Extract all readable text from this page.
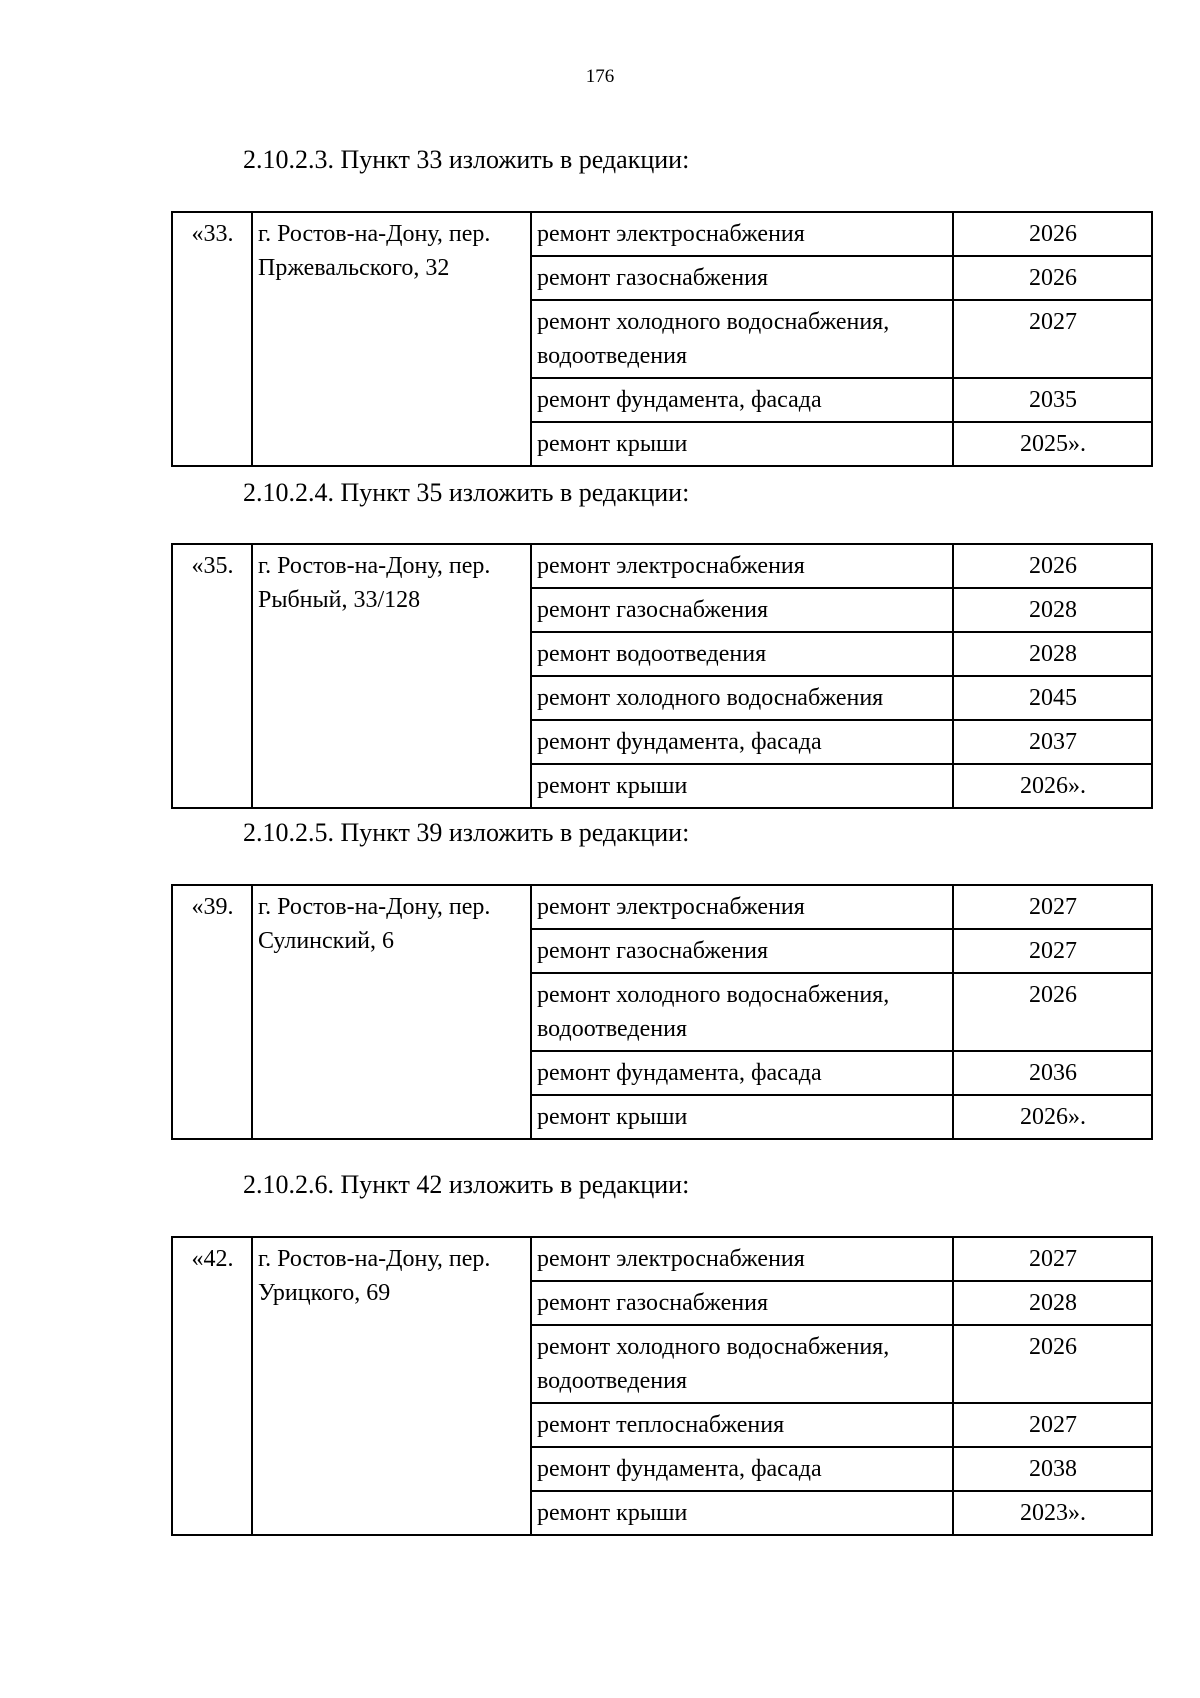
176
2.10.2.3. Пункт 33 изложить в редакции:
«33.	г. Ростов-на-Дону, пер. Пржевальского, 32	ремонт электроснабжения	2026
		ремонт газоснабжения	2026
		ремонт холодного водоснабжения, водоотведения	2027
		ремонт фундамента, фасада	2035
		ремонт крыши	2025».
2.10.2.4. Пункт 35 изложить в редакции:
«35.	г. Ростов-на-Дону, пер. Рыбный, 33/128	ремонт электроснабжения	2026
		ремонт газоснабжения	2028
		ремонт водоотведения	2028
		ремонт холодного водоснабжения	2045
		ремонт фундамента, фасада	2037
		ремонт крыши	2026».
2.10.2.5. Пункт 39 изложить в редакции:
«39.	г. Ростов-на-Дону, пер. Сулинский, 6	ремонт электроснабжения	2027
		ремонт газоснабжения	2027
		ремонт холодного водоснабжения, водоотведения	2026
		ремонт фундамента, фасада	2036
		ремонт крыши	2026».
2.10.2.6. Пункт 42 изложить в редакции:
«42.	г. Ростов-на-Дону, пер. Урицкого, 69	ремонт электроснабжения	2027
		ремонт газоснабжения	2028
		ремонт холодного водоснабжения, водоотведения	2026
		ремонт теплоснабжения	2027
		ремонт фундамента, фасада	2038
		ремонт крыши	2023».
